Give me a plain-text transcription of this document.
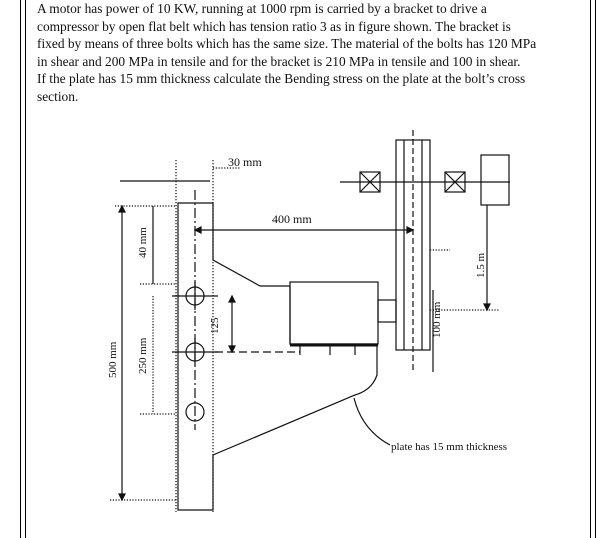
A motor has power of 10 KW, running at 1000 rpm is carried by a bracket to drive a
compressor by open flat belt which has tension ratio 3 as in figure shown. The bracket is
fixed by means of three bolts which has the same size. The material of the bolts has 120 MPa
in shear and 200 MPa in tensile and for the bracket is 210 MPa in tensile and 100 in shear.
If the plate has 15 mm thickness calculate the Bending stress on the plate at the bolt’s cross
section.
30 mm
400 mm
40 mm
125
250 mm
500 mm
1.5 m
100 mm
plate has 15 mm thickness
